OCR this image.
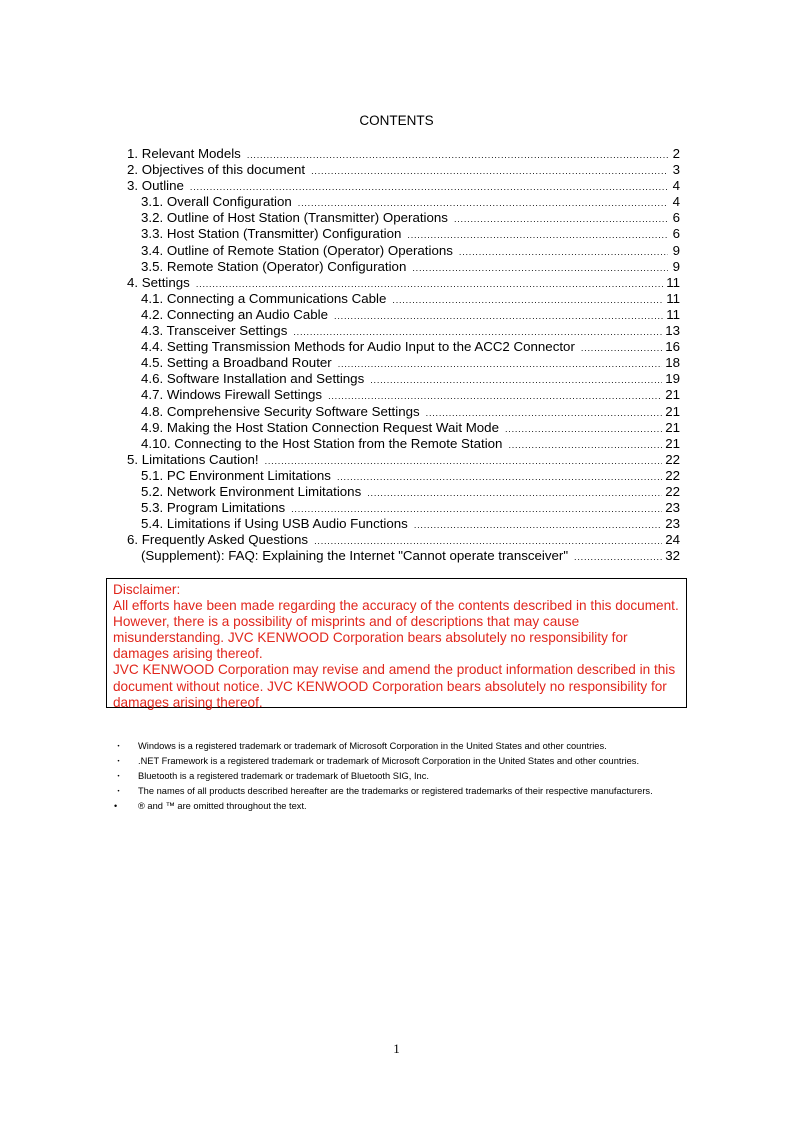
CONTENTS
1. Relevant Models .....	2
2. Objectives of this document .....	3
3. Outline .....	4
3.1. Overall Configuration .....	4
3.2. Outline of Host Station (Transmitter) Operations .....	6
3.3. Host Station (Transmitter) Configuration .....	6
3.4. Outline of Remote Station (Operator) Operations .....	9
3.5. Remote Station (Operator) Configuration .....	9
4. Settings .....	11
4.1. Connecting a Communications Cable .....	11
4.2. Connecting an Audio Cable .....	11
4.3. Transceiver Settings .....	13
4.4. Setting Transmission Methods for Audio Input to the ACC2 Connector .....	16
4.5. Setting a Broadband Router .....	18
4.6. Software Installation and Settings .....	19
4.7. Windows Firewall Settings .....	21
4.8. Comprehensive Security Software Settings .....	21
4.9. Making the Host Station Connection Request Wait Mode .....	21
4.10. Connecting to the Host Station from the Remote Station .....	21
5. Limitations Caution! .....	22
5.1. PC Environment Limitations .....	22
5.2. Network Environment Limitations .....	22
5.3. Program Limitations .....	23
5.4. Limitations if Using USB Audio Functions .....	23
6. Frequently Asked Questions .....	24
(Supplement): FAQ: Explaining the Internet "Cannot operate transceiver" .....	32

Disclaimer:

All efforts have been made regarding the accuracy of the contents described in this document. However, there is a possibility of misprints and of descriptions that may cause misunderstanding. JVC KENWOOD Corporation bears absolutely no responsibility for damages arising thereof.

JVC KENWOOD Corporation may revise and amend the product information described in this document without notice. JVC KENWOOD Corporation bears absolutely no responsibility for damages arising thereof.

・	Windows is a registered trademark or trademark of Microsoft Corporation in the United States and other countries.
・	.NET Framework is a registered trademark or trademark of Microsoft Corporation in the United States and other countries.
・	Bluetooth is a registered trademark or trademark of Bluetooth SIG, Inc.
・	The names of all products described hereafter are the trademarks or registered trademarks of their respective manufacturers.
•	® and ™ are omitted throughout the text.
1
